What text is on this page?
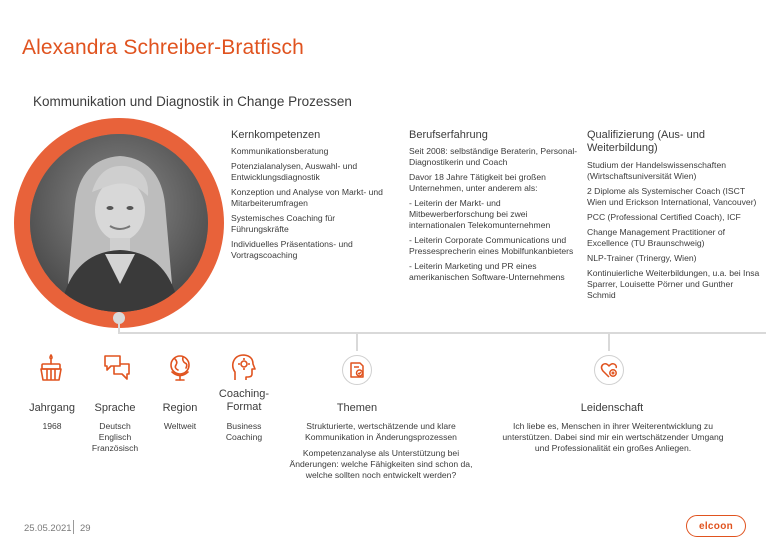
Alexandra Schreiber-Bratfisch
Kommunikation und Diagnostik in Change Prozessen
Kernkompetenzen

Kommunikationsberatung

Potenzialanalysen, Auswahl- und Entwicklungsdiagnostik

Konzeption und Analyse von Markt- und Mitarbeiterumfragen

Systemisches Coaching für Führungskräfte

Individuelles Präsentations- und Vortragscoaching

Berufserfahrung

Seit 2008: selbständige Beraterin, Personal-Diagnostikerin und Coach

Davor 18 Jahre Tätigkeit bei großen Unternehmen, unter anderem als:

- Leiterin der Markt- und Mitbewerberforschung bei zwei internationalen Telekomunternehmen

- Leiterin Corporate Communications und Pressesprecherin eines Mobilfunkanbieters

- Leiterin Marketing und PR eines amerikanischen Software-Unternehmens

Qualifizierung (Aus- und Weiterbildung)

Studium der Handelswissenschaften (Wirtschaftsuniversität Wien)

2 Diplome als Systemischer Coach (ISCT Wien und Erickson International, Vancouver)

PCC (Professional Certified Coach), ICF

Change Management Practitioner of Excellence (TU Braunschweig)

NLP-Trainer (Trinergy, Wien)

Kontinuierliche Weiterbildungen, u.a. bei Insa Sparrer, Louisette Pörner und Gunther Schmid

Jahrgang
1968
Sprache
Deutsch
Englisch
Französisch
Region
Weltweit
Coaching-
Format
Business
Coaching
Themen

Strukturierte, wertschätzende und klare Kommunikation in Änderungsprozessen

Kompetenzanalyse als Unterstützung bei Änderungen: welche Fähigkeiten sind schon da, welche sollten noch entwickelt werden?

Leidenschaft
Ich liebe es, Menschen in ihrer Weiterentwicklung zu unterstützen. Dabei sind mir ein wertschätzender Umgang und Professionalität ein großes Anliegen.
25.05.2021 29	elcoon
